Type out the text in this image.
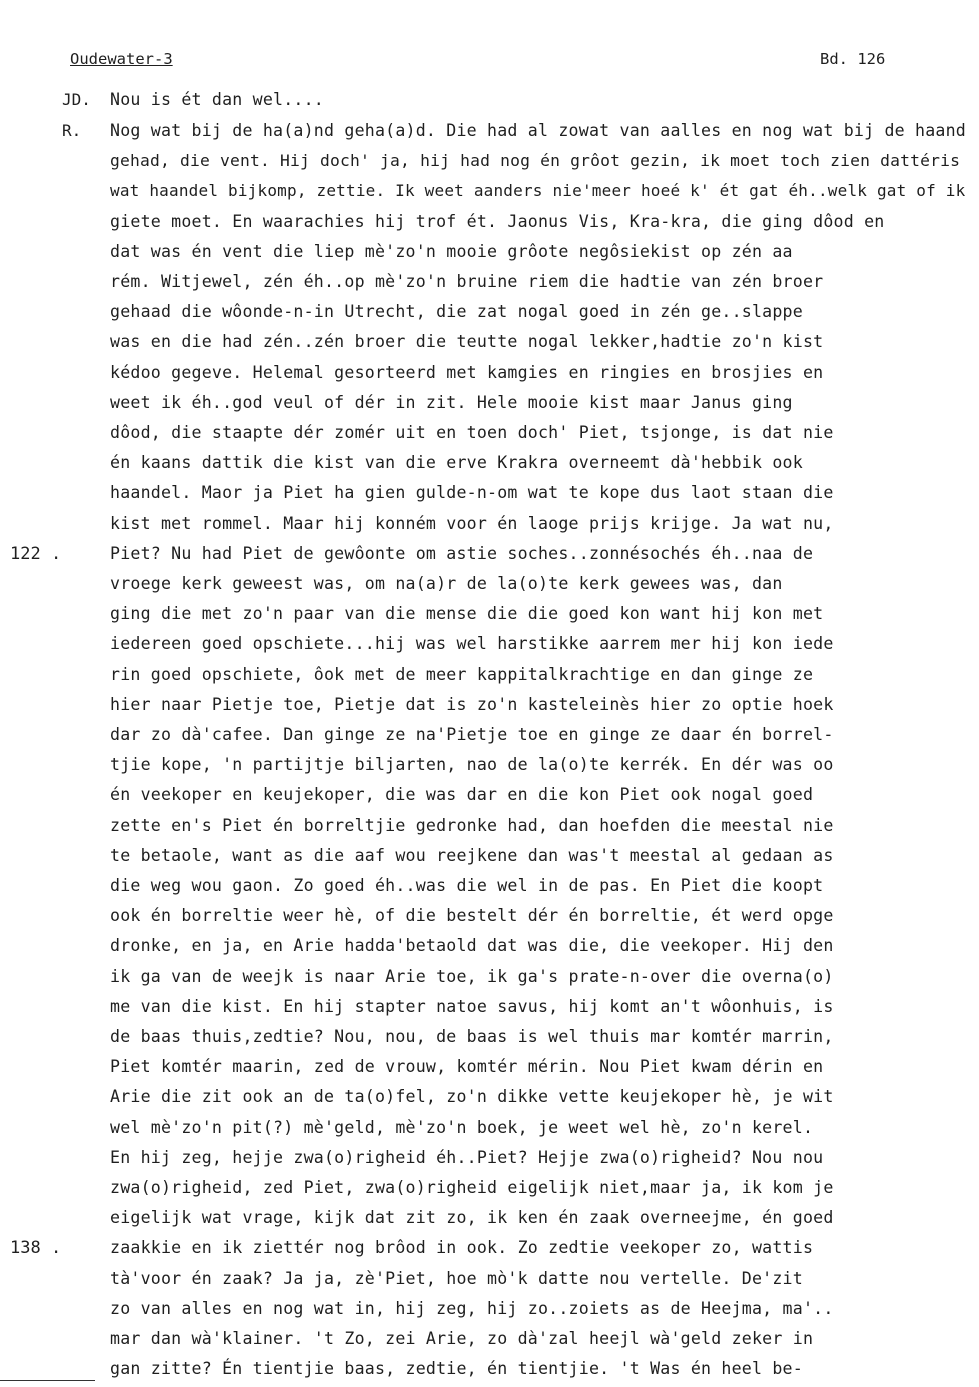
Oudewater-3	Bd. 126
JD. Nou is ét dan wel....
R. Nog wat bij de ha(a)nd geha(a)d. Die had al zowat van aalles en nog wat bij de haand
gehad, die vent. Hij doch' ja, hij had nog én grôot gezin, ik moet toch zien dattéris
wat haandel bijkomp, zettie. Ik weet aanders nie'meer hoeé k' ét gat éh..welk gat of ik
giete moet. En waarachies hij trof ét. Jaonus Vis, Kra-kra, die ging dôod en
dat was én vent die liep mè'zo'n mooie grôote negôsiekist op zén aa
rém. Witjewel, zén éh..op mè'zo'n bruine riem die hadtie van zén broer
gehaad die wôonde-n-in Utrecht, die zat nogal goed in zén ge..slappe
was en die had zén..zén broer die teutte nogal lekker,hadtie zo'n kist
kédoo gegeve. Helemal gesorteerd met kamgies en ringies en brosjies en
weet ik éh..god veul of dér in zit. Hele mooie kist maar Janus ging
dôod, die staapte dér zomér uit en toen doch' Piet, tsjonge, is dat nie
én kaans dattik die kist van die erve Krakra overneemt dà'hebbik ook
haandel. Maor ja Piet ha gien gulde-n-om wat te kope dus laot staan die
kist met rommel. Maar hij konném voor én laoge prijs krijge. Ja wat nu,
Piet? Nu had Piet de gewôonte om astie soches..zonnésochés éh..naa de
vroege kerk geweest was, om na(a)r de la(o)te kerk gewees was, dan
ging die met zo'n paar van die mense die die goed kon want hij kon met
iedereen goed opschiete...hij was wel harstikke aarrem mer hij kon iede
rin goed opschiete, ôok met de meer kappitalkrachtige en dan ginge ze
hier naar Pietje toe, Pietje dat is zo'n kasteleinès hier zo optie hoek
dar zo dà'cafee. Dan ginge ze na'Pietje toe en ginge ze daar én borrel-
tjie kope, 'n partijtje biljarten, nao de la(o)te kerrék. En dér was oo
én veekoper en keujekoper, die was dar en die kon Piet ook nogal goed
zette en's Piet én borreltjie gedronke had, dan hoefden die meestal nie
te betaole, want as die aaf wou reejkene dan was't meestal al gedaan as
die weg wou gaon. Zo goed éh..was die wel in de pas. En Piet die koopt
ook én borreltie weer hè, of die bestelt dér én borreltie, ét werd opge
dronke, en ja, en Arie hadda'betaold dat was die, die veekoper. Hij den
ik ga van de weejk is naar Arie toe, ik ga's prate-n-over die overna(o)
me van die kist. En hij stapter natoe savus, hij komt an't wôonhuis, is
de baas thuis,zedtie? Nou, nou, de baas is wel thuis mar komtér marrin,
Piet komtér maarin, zed de vrouw, komtér mérin. Nou Piet kwam dérin en
Arie die zit ook an de ta(o)fel, zo'n dikke vette keujekoper hè, je wit
wel mè'zo'n pit(?) mè'geld, mè'zo'n boek, je weet wel hè, zo'n kerel.
En hij zeg, hejje zwa(o)righeid éh..Piet? Hejje zwa(o)righeid? Nou nou
zwa(o)righeid, zed Piet, zwa(o)righeid eigelijk niet,maar ja, ik kom je
eigelijk wat vrage, kijk dat zit zo, ik ken én zaak overneejme, én goed
zaakkie en ik ziettér nog brôod in ook. Zo zedtie veekoper zo, wattis
tà'voor én zaak? Ja ja, zè'Piet, hoe mò'k datte nou vertelle. De'zit
zo van alles en nog wat in, hij zeg, hij zo..zoiets as de Heejma, ma'..
mar dan wà'klainer. 't Zo, zei Arie, zo dà'zal heejl wà'geld zeker in
gan zitte? Én tientjie baas, zedtie, én tientjie. 't Was én heel be-
122 .
138 .
